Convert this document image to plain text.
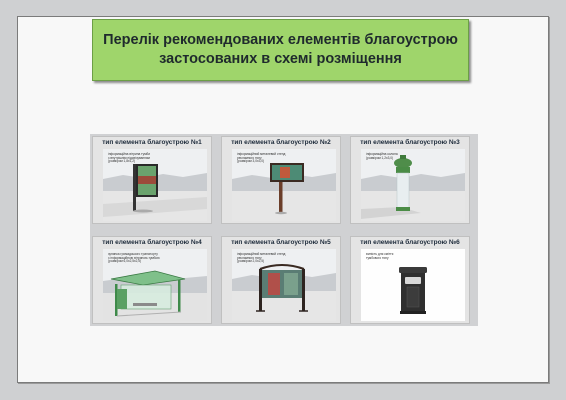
Перелік рекомендованих елементів благоустрою
застосованих в схемі розміщення
тип елемента благоустрою №1
інформаційна вітрина тумби
з внутрішнім підсвічуванням
(розміром 1,8х1,2)
тип елемента благоустрою №2
інформаційний металевий стенд
рекламного типу
(розміром 3,0х3,0)
тип елемента благоустрою №3
інформаційна колона
(розміром 1,2х3,0)
тип елемента благоустрою №4
зупинка громадського транспорту
з інформаційною вітриною-тумбою
(розміром 6,0х2,5х2,5)
тип елемента благоустрою №5
інформаційний металевий стенд
рекламного типу
(розміром 2,0х2,5)
тип елемента благоустрою №6
ємність для сміття
тумбового типу
